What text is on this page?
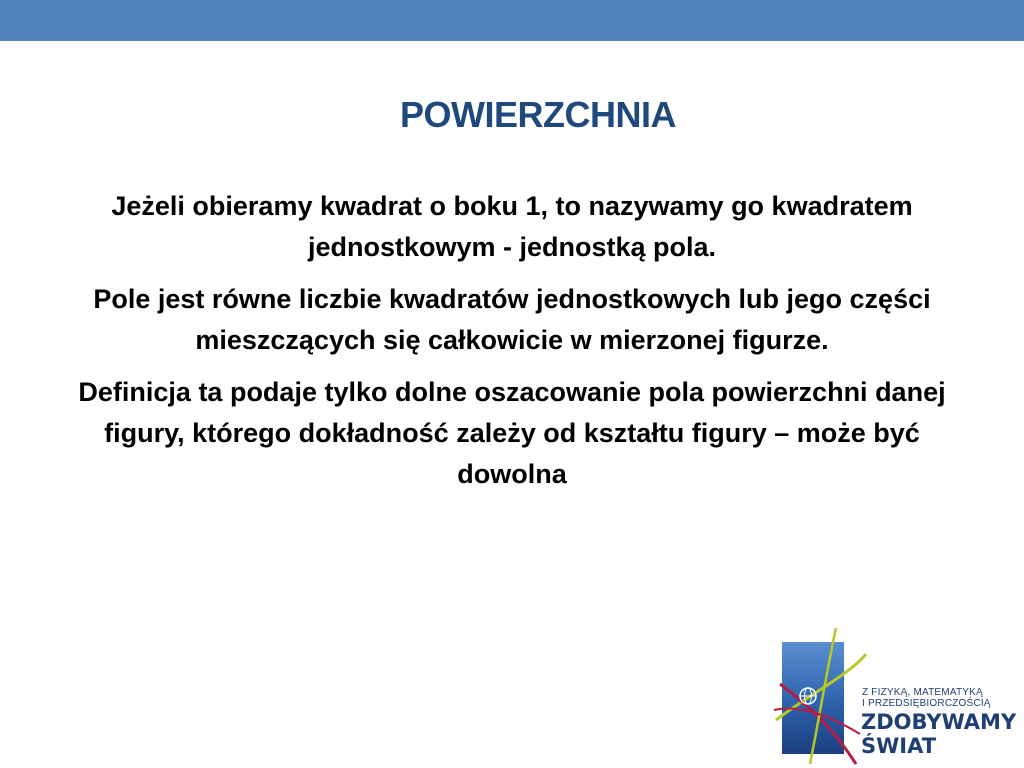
POWIERZCHNIA

Jeżeli obieramy kwadrat o boku 1, to nazywamy go kwadratem jednostkowym - jednostką pola.

Pole jest równe liczbie kwadratów jednostkowych lub jego części mieszczących się całkowicie w mierzonej figurze.

Definicja ta podaje tylko dolne oszacowanie pola powierzchni danej figury, którego dokładność zależy od kształtu figury – może być dowolna

Z FIZYKĄ, MATEMATYKĄ
I PRZEDSIĘBIORCZOŚCIĄ
ZDOBYWAMY
ŚWIAT
